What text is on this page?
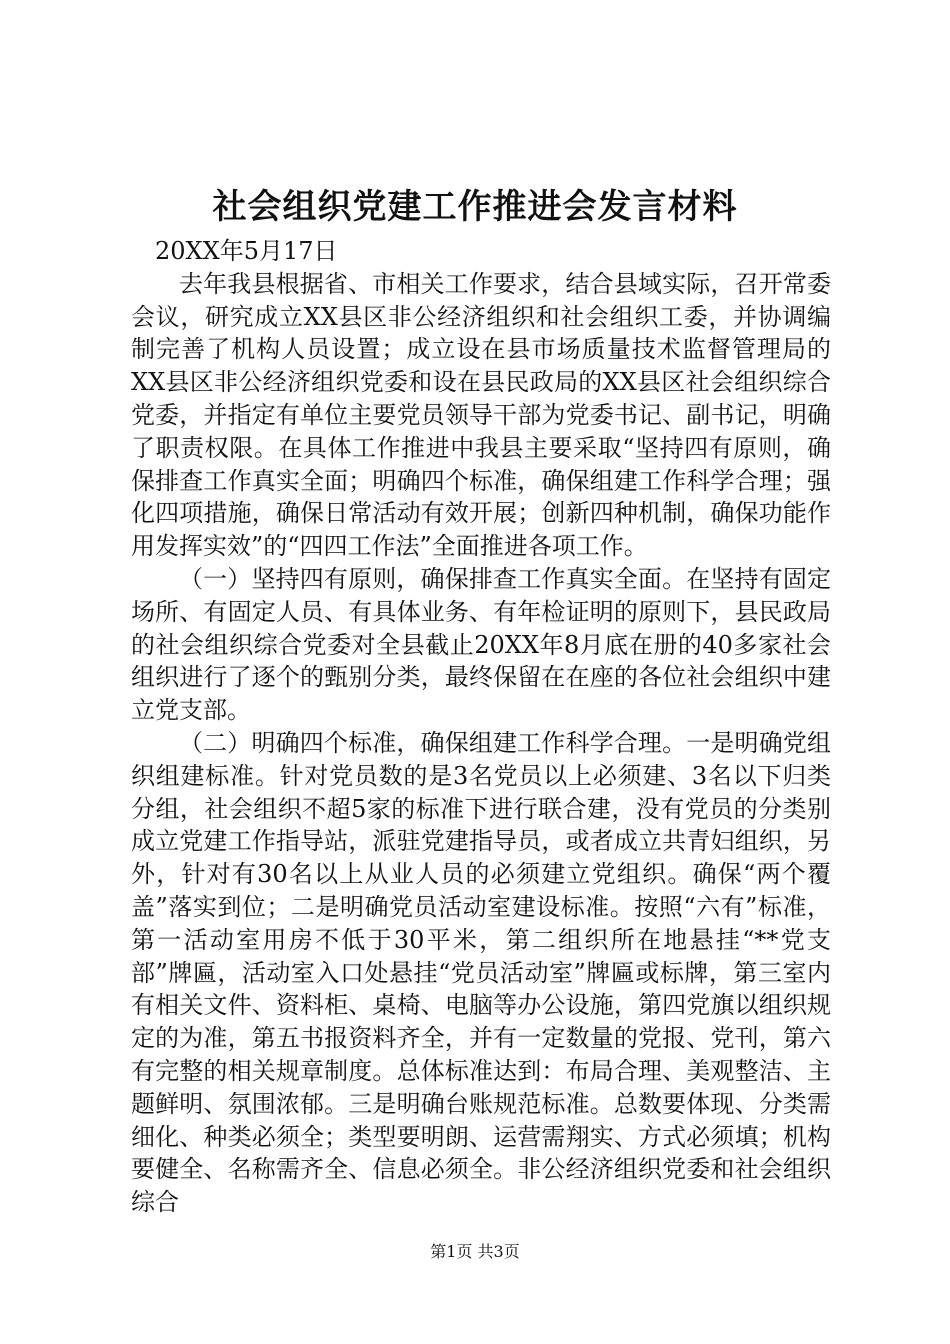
社会组织党建工作推进会发言材料

20XX年5月17日

去年我县根据省、市相关工作要求，结合县域实际，召开常委会议，研究成立XX县区非公经济组织和社会组织工委，并协调编制完善了机构人员设置；成立设在县市场质量技术监督管理局的XX县区非公经济组织党委和设在县民政局的XX县区社会组织综合党委，并指定有单位主要党员领导干部为党委书记、副书记，明确了职责权限。在具体工作推进中我县主要采取“坚持四有原则，确保排查工作真实全面；明确四个标准，确保组建工作科学合理；强化四项措施，确保日常活动有效开展；创新四种机制，确保功能作用发挥实效”的“四四工作法”全面推进各项工作。

（一）坚持四有原则，确保排查工作真实全面。在坚持有固定场所、有固定人员、有具体业务、有年检证明的原则下，县民政局的社会组织综合党委对全县截止20XX年8月底在册的40多家社会组织进行了逐个的甄别分类，最终保留在在座的各位社会组织中建立党支部。

（二）明确四个标准，确保组建工作科学合理。一是明确党组织组建标准。针对党员数的是3名党员以上必须建、3名以下归类分组，社会组织不超5家的标准下进行联合建，没有党员的分类别成立党建工作指导站，派驻党建指导员，或者成立共青妇组织，另外，针对有30名以上从业人员的必须建立党组织。确保“两个覆盖”落实到位；二是明确党员活动室建设标准。按照“六有”标准，第一活动室用房不低于30平米，第二组织所在地悬挂“**党支部”牌匾，活动室入口处悬挂“党员活动室”牌匾或标牌，第三室内有相关文件、资料柜、桌椅、电脑等办公设施，第四党旗以组织规定的为准，第五书报资料齐全，并有一定数量的党报、党刊，第六有完整的相关规章制度。总体标准达到：布局合理、美观整洁、主题鲜明、氛围浓郁。三是明确台账规范标准。总数要体现、分类需细化、种类必须全；类型要明朗、运营需翔实、方式必须填；机构要健全、名称需齐全、信息必须全。非公经济组织党委和社会组织综合

第1页 共3页
